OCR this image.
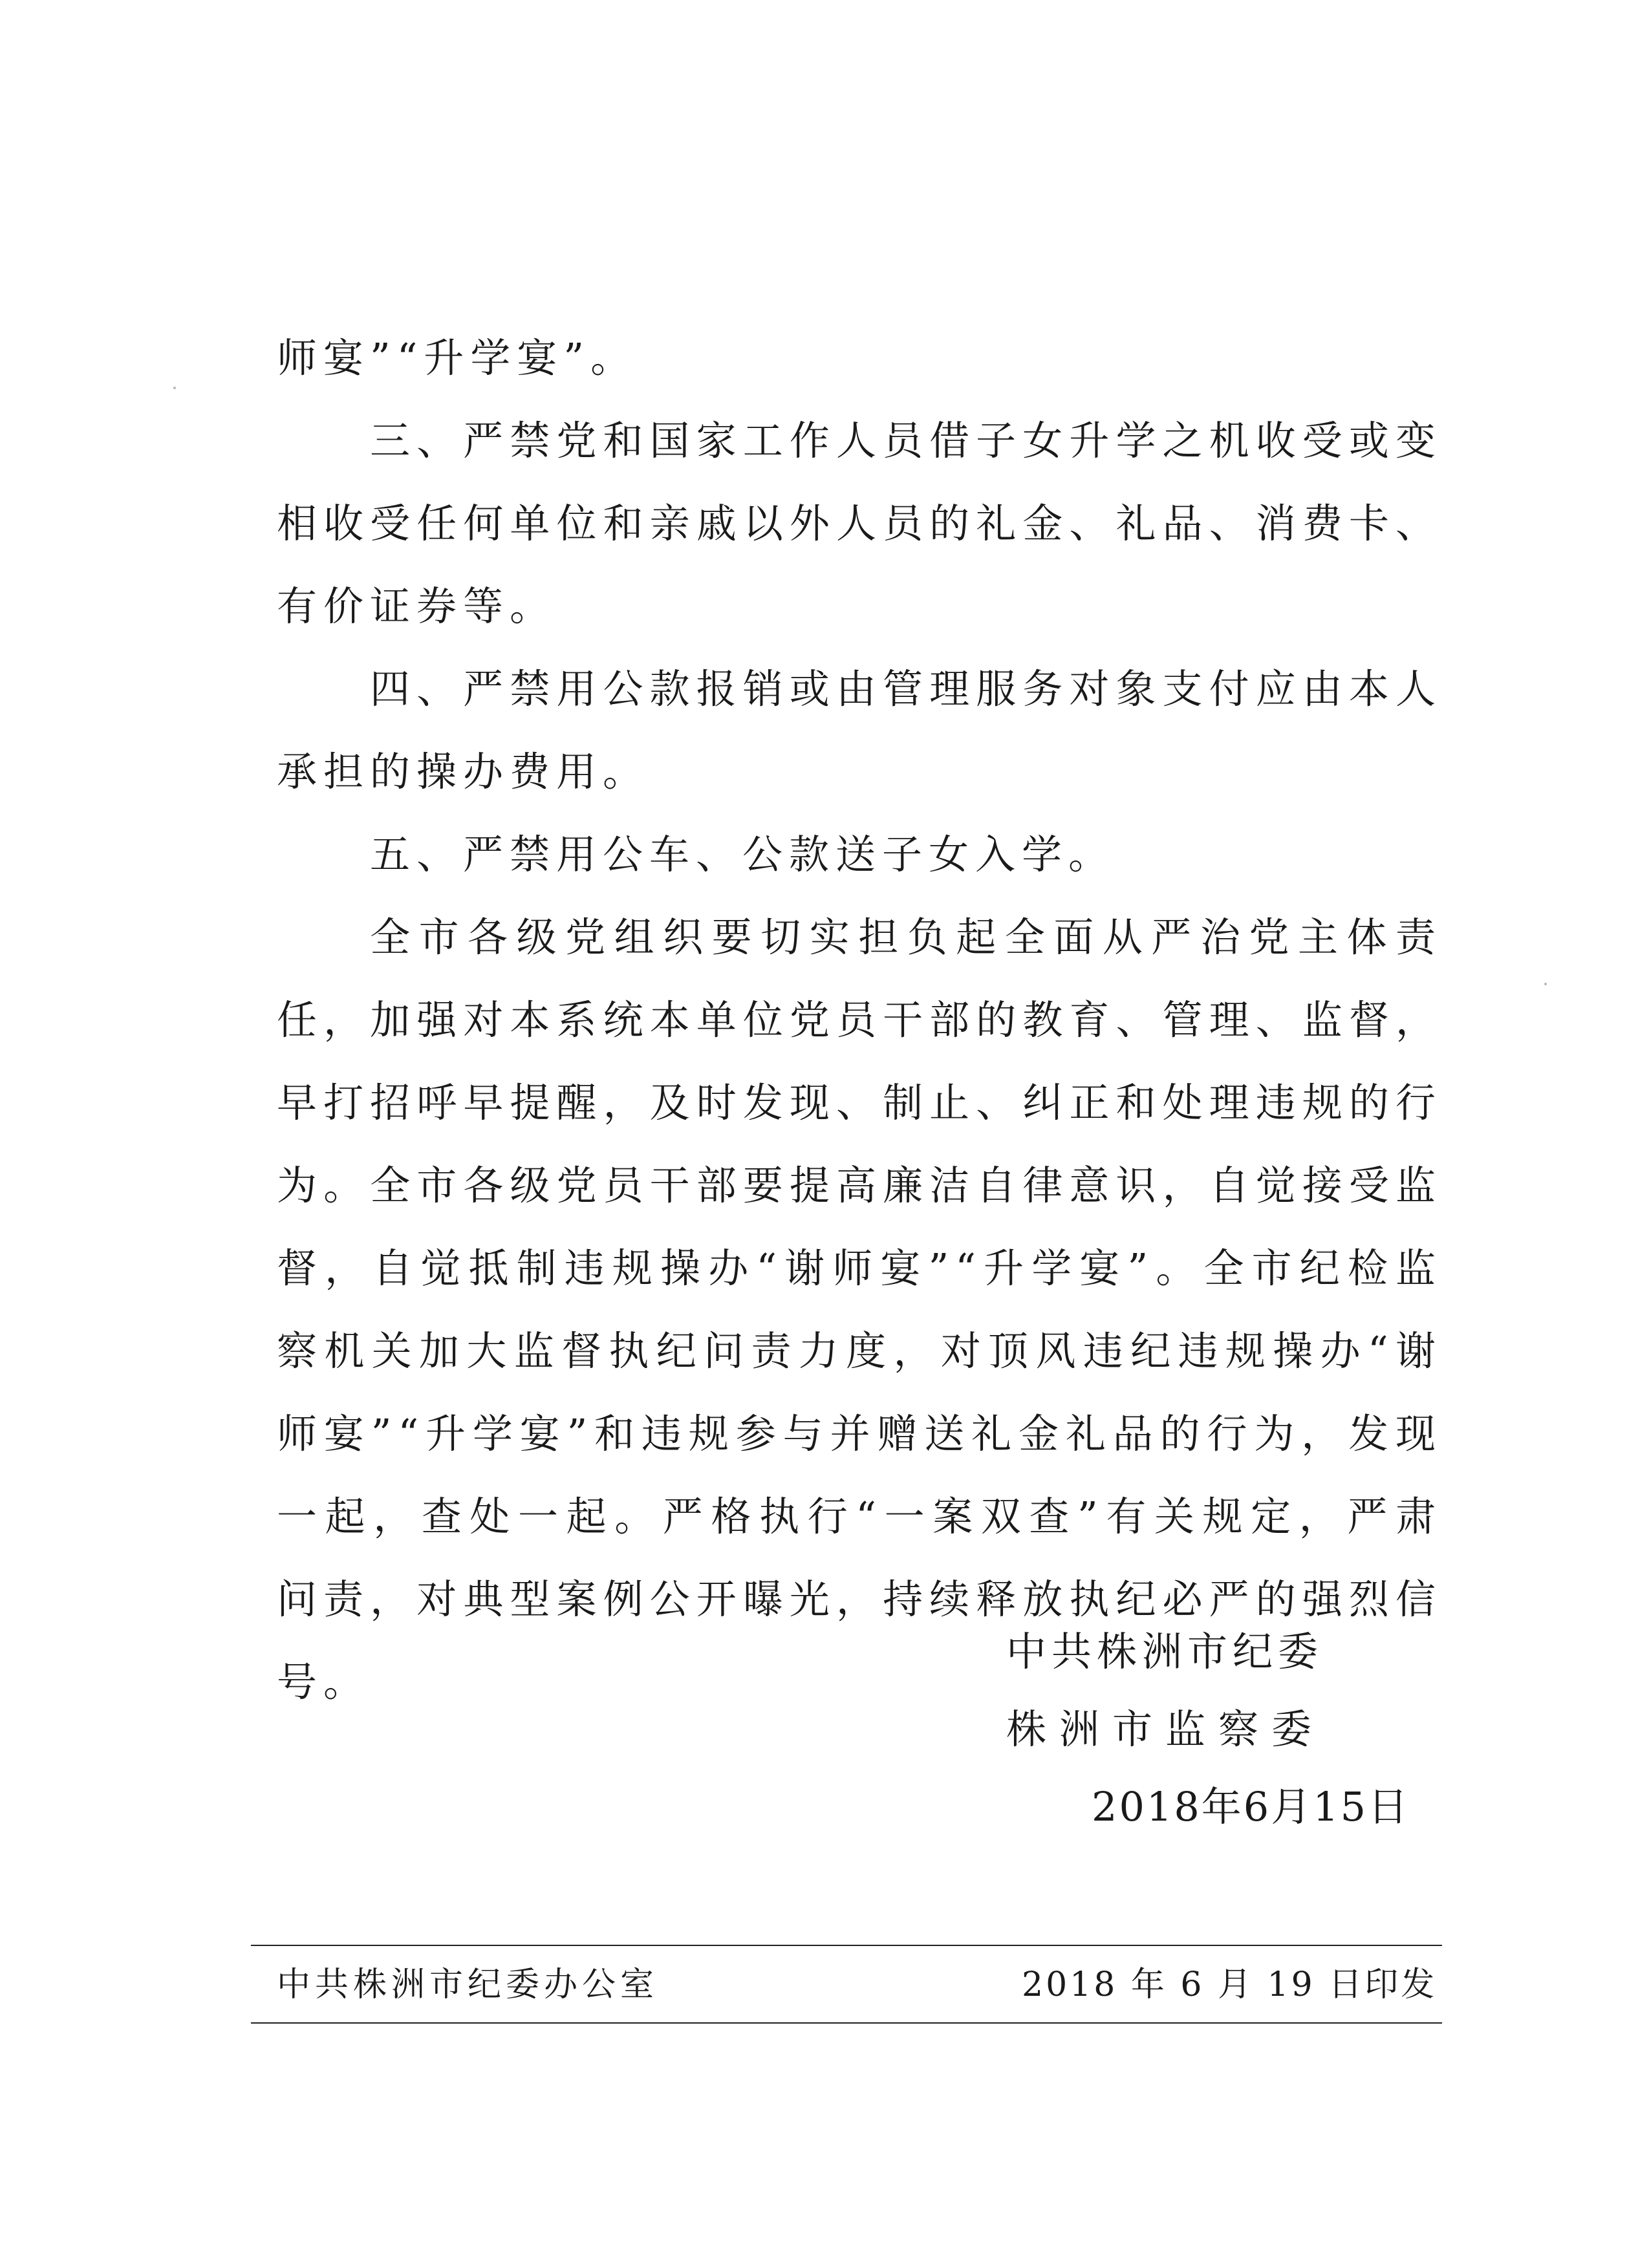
师宴”“升学宴”。

三、严禁党和国家工作人员借子女升学之机收受或变相收受任何单位和亲戚以外人员的礼金、礼品、消费卡、有价证券等。

四、严禁用公款报销或由管理服务对象支付应由本人承担的操办费用。

五、严禁用公车、公款送子女入学。

全市各级党组织要切实担负起全面从严治党主体责任，加强对本系统本单位党员干部的教育、管理、监督，早打招呼早提醒，及时发现、制止、纠正和处理违规的行为。全市各级党员干部要提高廉洁自律意识，自觉接受监督，自觉抵制违规操办“谢师宴”“升学宴”。全市纪检监察机关加大监督执纪问责力度，对顶风违纪违规操办“谢师宴”“升学宴”和违规参与并赠送礼金礼品的行为，发现一起，查处一起。严格执行“一案双查”有关规定，严肃问责，对典型案例公开曝光，持续释放执纪必严的强烈信号。

中共株洲市纪委
株洲市监察委
2018年6月15日
中共株洲市纪委办公室	2018 年 6 月 19 日印发
